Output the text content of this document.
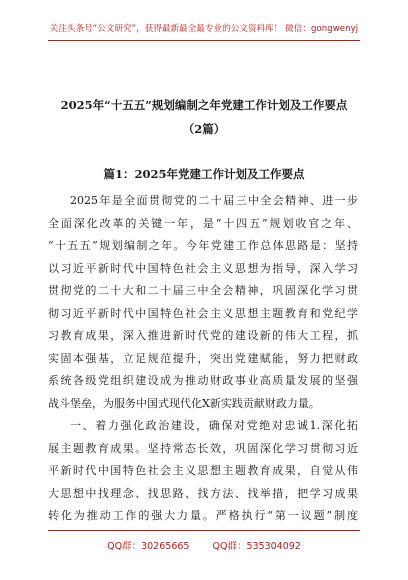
关注头条号“公文研究”，获得最新最全最专业的公文资料库！ 微信：gongwenyj
2025年“十五五”规划编制之年党建工作计划及工作要点
（2篇）
篇1：2025年党建工作计划及工作要点
2025年是全面贯彻党的二十届三中全会精神、进一步
全面深化改革的关键一年，是“十四五”规划收官之年、
“十五五”规划编制之年。今年党建工作总体思路是：坚持
以习近平新时代中国特色社会主义思想为指导，深入学习
贯彻党的二十大和二十届三中全会精神，巩固深化学习贯
彻习近平新时代中国特色社会主义思想主题教育和党纪学
习教育成果，深入推进新时代党的建设新的伟大工程，抓
实固本强基，立足规范提升，突出党建赋能，努力把财政
系统各级党组织建设成为推动财政事业高质量发展的坚强
战斗堡垒，为服务中国式现代化X新实践贡献财政力量。
一、着力强化政治建设，确保对党绝对忠诚1.深化拓
展主题教育成果。坚持常态长效，巩固深化学习贯彻习近
平新时代中国特色社会主义思想主题教育成果，自觉从伟
大思想中找理念、找思路、找方法、找举措，把学习成果
转化为推动工作的强大力量。严格执行“第一议题”制度
QQ群：30265665 QQ群：535304092
